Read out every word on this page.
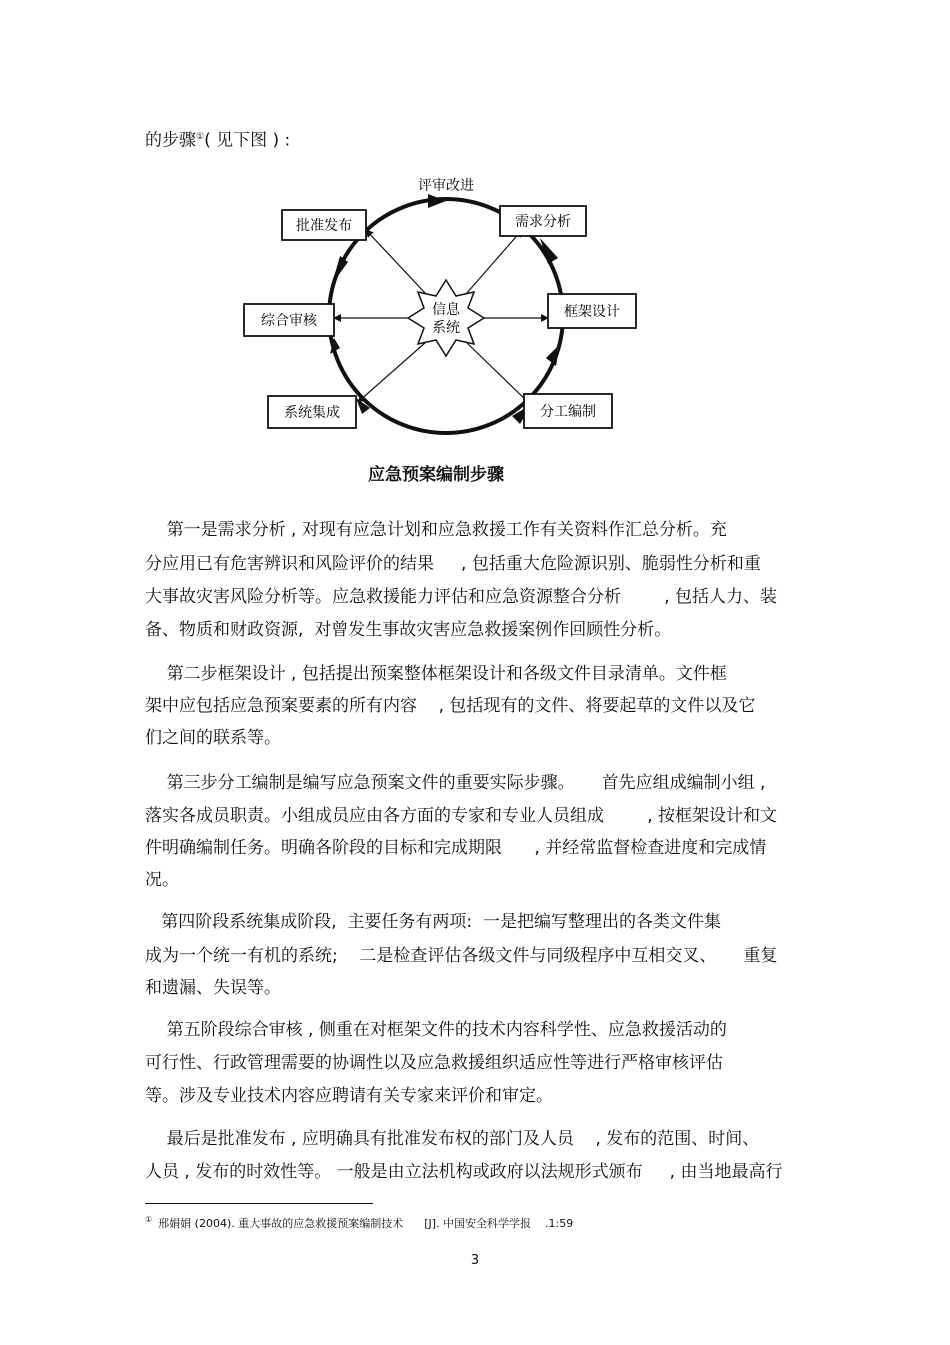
的步骤①( 见下图 ) :
信息
系统
评审改进
批准发布	需求分析
框架设计
分工编制
系统集成
综合审核
应急预案编制步骤
第一是需求分析 , 对现有应急计划和应急救援工作有关资料作汇总分析。充
分应用已有危害辨识和风险评价的结果     , 包括重大危险源识别、脆弱性分析和重
大事故灾害风险分析等。应急救援能力评估和应急资源整合分析        , 包括人力、装
备、物质和财政资源,  对曾发生事故灾害应急救援案例作回顾性分析。
第二步框架设计 , 包括提出预案整体框架设计和各级文件目录清单。文件框
架中应包括应急预案要素的所有内容    , 包括现有的文件、将要起草的文件以及它
们之间的联系等。
第三步分工编制是编写应急预案文件的重要实际步骤。     首先应组成编制小组 ,
落实各成员职责。小组成员应由各方面的专家和专业人员组成        , 按框架设计和文
件明确编制任务。明确各阶段的目标和完成期限      , 并经常监督检查进度和完成情
况。
第四阶段系统集成阶段,  主要任务有两项:  一是把编写整理出的各类文件集
成为一个统一有机的系统;    二是检查评估各级文件与同级程序中互相交叉、     重复
和遗漏、失误等。
第五阶段综合审核 , 侧重在对框架文件的技术内容科学性、应急救援活动的
可行性、行政管理需要的协调性以及应急救援组织适应性等进行严格审核评估
等。涉及专业技术内容应聘请有关专家来评价和审定。
最后是批准发布 , 应明确具有批准发布权的部门及人员    , 发布的范围、时间、
人员 , 发布的时效性等。 一般是由立法机构或政府以法规形式颁布     , 由当地最高行
① 邢娟娟 (2004). 重大事故的应急救援预案编制技术      [J]. 中国安全科学学报    .1:59
3
